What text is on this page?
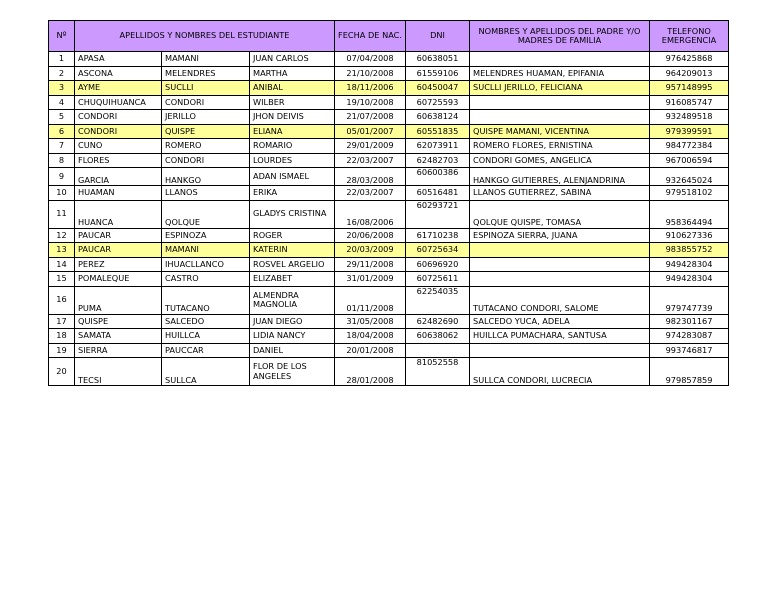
Nº	APELLIDOS Y NOMBRES DEL ESTUDIANTE			FECHA DE NAC.	DNI	NOMBRES Y APELLIDOS DEL PADRE Y/O MADRES DE FAMILIA	TELEFONO EMERGENCIA
1	APASA	MAMANI	JUAN CARLOS	07/04/2008	60638051		976425868
2	ASCONA	MELENDRES	MARTHA	21/10/2008	61559106	MELENDRES HUAMAN, EPIFANIA	964209013
3	AYME	SUCLLI	ANIBAL	18/11/2006	60450047	SUCLLI JERILLO, FELICIANA	957148995
4	CHUQUIHUANCA	CONDORI	WILBER	19/10/2008	60725593		916085747
5	CONDORI	JERILLO	JHON DEIVIS	21/07/2008	60638124		932489518
6	CONDORI	QUISPE	ELIANA	05/01/2007	60551835	QUISPE MAMANI, VICENTINA	979399591
7	CUNO	ROMERO	ROMARIO	29/01/2009	62073911	ROMERO FLORES, ERNISTINA	984772384
8	FLORES	CONDORI	LOURDES	22/03/2007	62482703	CONDORI GOMES, ANGELICA	967006594
9	GARCIA	HANKGO	ADAN ISMAEL	28/03/2008	60600386	HANKGO GUTIERRES, ALENJANDRINA	932645024
10	HUAMAN	LLANOS	ERIKA	22/03/2007	60516481	LLANOS GUTIERREZ, SABINA	979518102
11	HUANCA	QOLQUE	GLADYS CRISTINA	16/08/2006	60293721	QOLQUE QUISPE, TOMASA	958364494
12	PAUCAR	ESPINOZA	ROGER	20/06/2008	61710238	ESPINOZA SIERRA, JUANA	910627336
13	PAUCAR	MAMANI	KATERIN	20/03/2009	60725634		983855752
14	PEREZ	IHUACLLANCO	ROSVEL ARGELIO	29/11/2008	60696920		949428304
15	POMALEQUE	CASTRO	ELIZABET	31/01/2009	60725611		949428304
16	PUMA	TUTACANO	ALMENDRA MAGNOLIA	01/11/2008	62254035	TUTACANO CONDORI, SALOME	979747739
17	QUISPE	SALCEDO	JUAN DIEGO	31/05/2008	62482690	SALCEDO YUCA, ADELA	982301167
18	SAMATA	HUILLCA	LIDIA NANCY	18/04/2008	60638062	HUILLCA PUMACHARA, SANTUSA	974283087
19	SIERRA	PAUCCAR	DANIEL	20/01/2008			993746817
20	TECSI	SULLCA	FLOR DE LOS ANGELES	28/01/2008	81052558	SULLCA CONDORI, LUCRECIA	979857859
